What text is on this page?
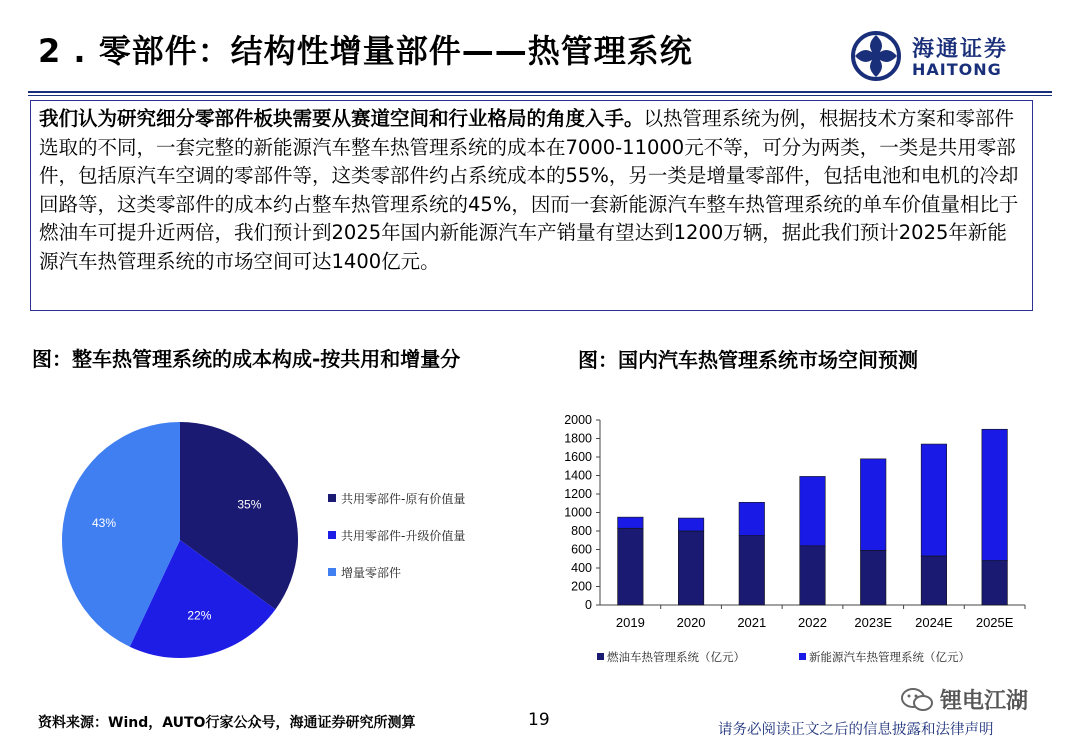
2 . 零部件：结构性增量部件——热管理系统	海通证券
HAITONG
我们认为研究细分零部件板块需要从赛道空间和行业格局的角度入手。以热管理系统为例，根据技术方案和零部件选取的不同，一套完整的新能源汽车整车热管理系统的成本在7000-11000元不等，可分为两类，一类是共用零部件，包括原汽车空调的零部件等，这类零部件约占系统成本的55%，另一类是增量零部件，包括电池和电机的冷却回路等，这类零部件的成本约占整车热管理系统的45%，因而一套新能源汽车整车热管理系统的单车价值量相比于燃油车可提升近两倍，我们预计到2025年国内新能源汽车产销量有望达到1200万辆，据此我们预计2025年新能源汽车热管理系统的市场空间可达1400亿元。
图：整车热管理系统的成本构成-按共用和增量分	图：国内汽车热管理系统市场空间预测
35%
22%
43%
共用零部件-原有价值量
共用零部件-升级价值量
增量零部件
0
200
400
600
800
1000
1200
1400
1600
1800
2000
2019 2020 2021 2022 2023E 2024E 2025E
燃油车热管理系统（亿元）	新能源汽车热管理系统（亿元）
资料来源：Wind，AUTO行家公众号，海通证券研究所测算	19
锂电江湖
请务必阅读正文之后的信息披露和法律声明
